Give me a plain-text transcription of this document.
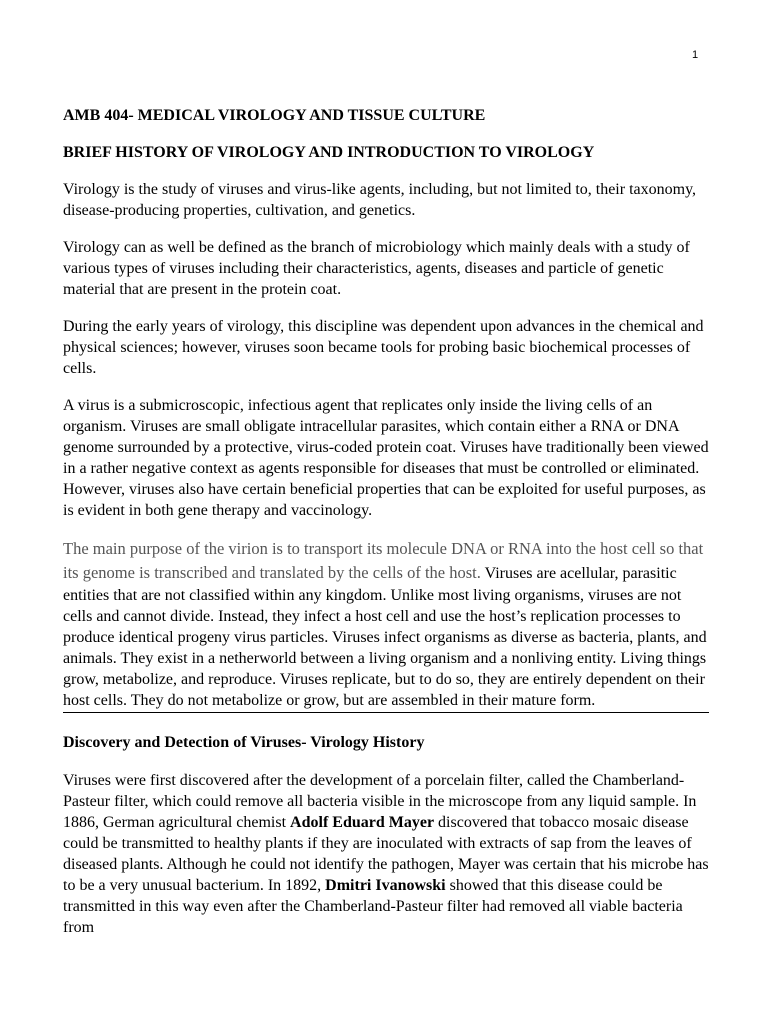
1
AMB 404- MEDICAL VIROLOGY AND TISSUE CULTURE
BRIEF HISTORY OF VIROLOGY AND INTRODUCTION TO VIROLOGY

Virology is the study of viruses and virus-like agents, including, but not limited to, their taxonomy, disease-producing properties, cultivation, and genetics.

Virology can as well be defined as the branch of microbiology which mainly deals with a study of various types of viruses including their characteristics, agents, diseases and particle of genetic material that are present in the protein coat.

During the early years of virology, this discipline was dependent upon advances in the chemical and physical sciences; however, viruses soon became tools for probing basic biochemical processes of cells.

A virus is a submicroscopic, infectious agent that replicates only inside the living cells of an organism. Viruses are small obligate intracellular parasites, which contain either a RNA or DNA genome surrounded by a protective, virus-coded protein coat. Viruses have traditionally been viewed in a rather negative context as agents responsible for diseases that must be controlled or eliminated. However, viruses also have certain beneficial properties that can be exploited for useful purposes, as is evident in both gene therapy and vaccinology.

The main purpose of the virion is to transport its molecule DNA or RNA into the host cell so that its genome is transcribed and translated by the cells of the host. Viruses are acellular, parasitic entities that are not classified within any kingdom. Unlike most living organisms, viruses are not cells and cannot divide. Instead, they infect a host cell and use the host’s replication processes to produce identical progeny virus particles. Viruses infect organisms as diverse as bacteria, plants, and animals. They exist in a netherworld between a living organism and a nonliving entity. Living things grow, metabolize, and reproduce. Viruses replicate, but to do so, they are entirely dependent on their host cells. They do not metabolize or grow, but are assembled in their mature form.

Discovery and Detection of Viruses- Virology History

Viruses were first discovered after the development of a porcelain filter, called the Chamberland-Pasteur filter, which could remove all bacteria visible in the microscope from any liquid sample. In 1886, German agricultural chemist Adolf Eduard Mayer discovered that tobacco mosaic disease could be transmitted to healthy plants if they are inoculated with extracts of sap from the leaves of diseased plants. Although he could not identify the pathogen, Mayer was certain that his microbe has to be a very unusual bacterium. In 1892, Dmitri Ivanowski showed that this disease could be transmitted in this way even after the Chamberland-Pasteur filter had removed all viable bacteria from
